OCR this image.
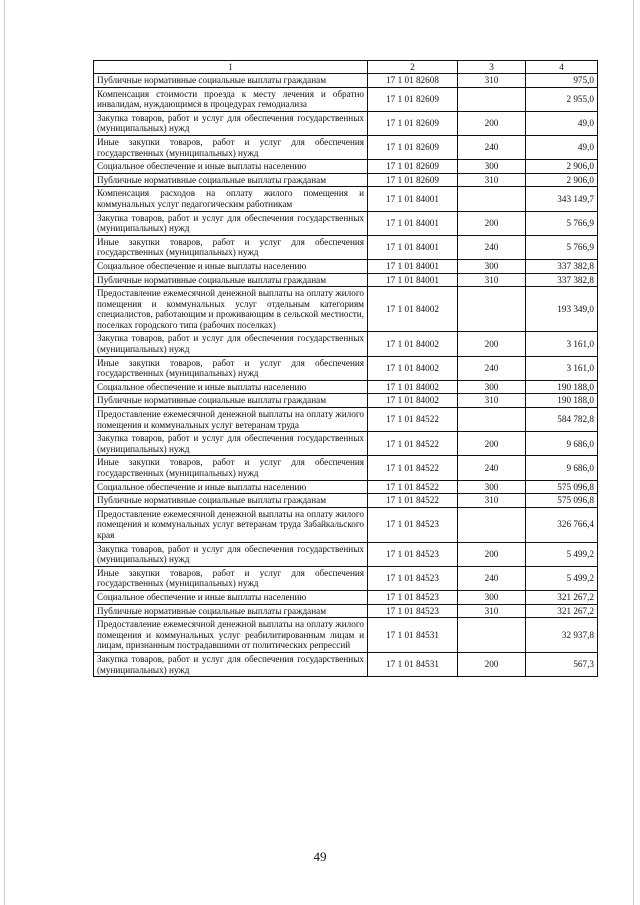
1	2	3	4
Публичные нормативные социальные выплаты гражданам	17 1 01 82608	310	975,0
Компенсация стоимости проезда к месту лечения и обратно инвалидам, нуждающимся в процедурах гемодиализа	17 1 01 82609		2 955,0
Закупка товаров, работ и услуг для обеспечения государственных (муниципальных) нужд	17 1 01 82609	200	49,0
Иные закупки товаров, работ и услуг для обеспечения государственных (муниципальных) нужд	17 1 01 82609	240	49,0
Социальное обеспечение и иные выплаты населению	17 1 01 82609	300	2 906,0
Публичные нормативные социальные выплаты гражданам	17 1 01 82609	310	2 906,0
Компенсация расходов на оплату жилого помещения и коммунальных услуг педагогическим работникам	17 1 01 84001		343 149,7
Закупка товаров, работ и услуг для обеспечения государственных (муниципальных) нужд	17 1 01 84001	200	5 766,9
Иные закупки товаров, работ и услуг для обеспечения государственных (муниципальных) нужд	17 1 01 84001	240	5 766,9
Социальное обеспечение и иные выплаты населению	17 1 01 84001	300	337 382,8
Публичные нормативные социальные выплаты гражданам	17 1 01 84001	310	337 382,8
Предоставление ежемесячной денежной выплаты на оплату жилого помещения и коммунальных услуг отдельным категориям специалистов, работающим и проживающим в сельской местности, поселках городского типа (рабочих поселках)	17 1 01 84002		193 349,0
Закупка товаров, работ и услуг для обеспечения государственных (муниципальных) нужд	17 1 01 84002	200	3 161,0
Иные закупки товаров, работ и услуг для обеспечения государственных (муниципальных) нужд	17 1 01 84002	240	3 161,0
Социальное обеспечение и иные выплаты населению	17 1 01 84002	300	190 188,0
Публичные нормативные социальные выплаты гражданам	17 1 01 84002	310	190 188,0
Предоставление ежемесячной денежной выплаты на оплату жилого помещения и коммунальных услуг ветеранам труда	17 1 01 84522		584 782,8
Закупка товаров, работ и услуг для обеспечения государственных (муниципальных) нужд	17 1 01 84522	200	9 686,0
Иные закупки товаров, работ и услуг для обеспечения государственных (муниципальных) нужд	17 1 01 84522	240	9 686,0
Социальное обеспечение и иные выплаты населению	17 1 01 84522	300	575 096,8
Публичные нормативные социальные выплаты гражданам	17 1 01 84522	310	575 096,8
Предоставление ежемесячной денежной выплаты на оплату жилого помещения и коммунальных услуг ветеранам труда Забайкальского края	17 1 01 84523		326 766,4
Закупка товаров, работ и услуг для обеспечения государственных (муниципальных) нужд	17 1 01 84523	200	5 499,2
Иные закупки товаров, работ и услуг для обеспечения государственных (муниципальных) нужд	17 1 01 84523	240	5 499,2
Социальное обеспечение и иные выплаты населению	17 1 01 84523	300	321 267,2
Публичные нормативные социальные выплаты гражданам	17 1 01 84523	310	321 267,2
Предоставление ежемесячной денежной выплаты на оплату жилого помещения и коммунальных услуг реабилитированным лицам и лицам, признанным пострадавшими от политических репрессий	17 1 01 84531		32 937,8
Закупка товаров, работ и услуг для обеспечения государственных (муниципальных) нужд	17 1 01 84531	200	567,3
49
